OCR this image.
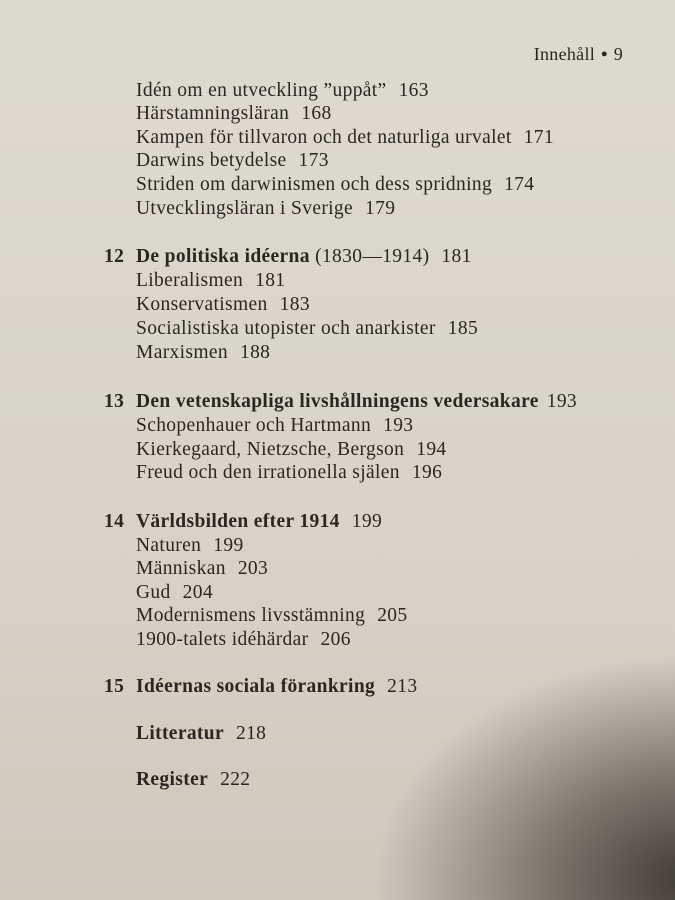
Innehåll • 9
Idén om en utveckling ”uppåt” 163
Härstamningsläran 168
Kampen för tillvaron och det naturliga urvalet 171
Darwins betydelse 173
Striden om darwinismen och dess spridning 174
Utvecklingsläran i Sverige 179
12 De politiska idéerna (1830—1914) 181
Liberalismen 181
Konservatismen 183
Socialistiska utopister och anarkister 185
Marxismen 188
13 Den vetenskapliga livshållningens vedersakare 193
Schopenhauer och Hartmann 193
Kierkegaard, Nietzsche, Bergson 194
Freud och den irrationella själen 196
14 Världsbilden efter 1914 199
Naturen 199
Människan 203
Gud 204
Modernismens livsstämning 205
1900-talets idéhärdar 206
15 Idéernas sociala förankring 213
Litteratur 218
Register 222
